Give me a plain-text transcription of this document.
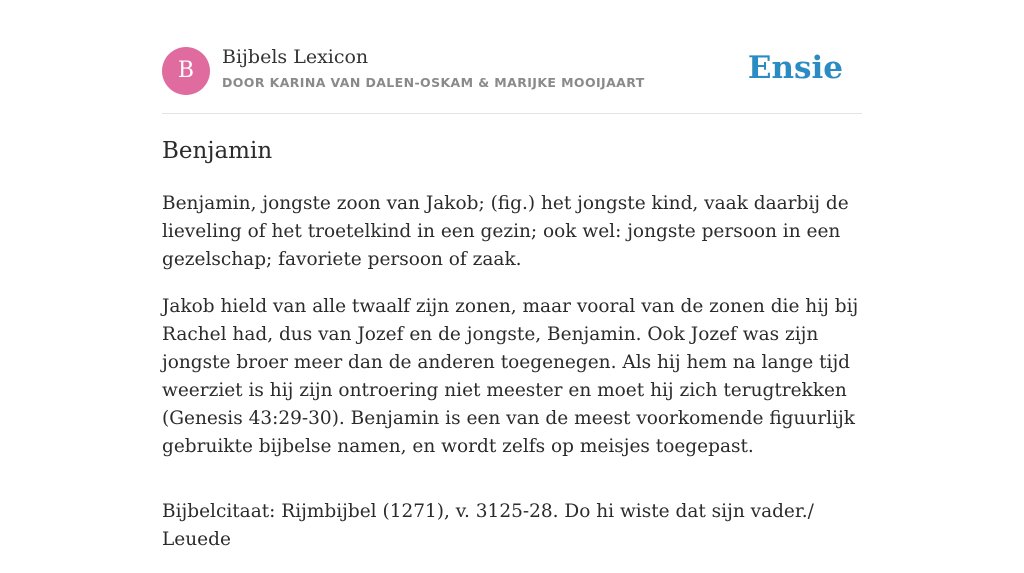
B
Bijbels Lexicon
DOOR KARINA VAN DALEN-OSKAM & MARIJKE MOOIJAART	Ensie
Benjamin

Benjamin, jongste zoon van Jakob; (fig.) het jongste kind, vaak daarbij de lieveling of het troetelkind in een gezin; ook wel: jongste persoon in een gezelschap; favoriete persoon of zaak.

Jakob hield van alle twaalf zijn zonen, maar vooral van de zonen die hij bij Rachel had, dus van Jozef en de jongste, Benjamin. Ook Jozef was zijn jongste broer meer dan de anderen toegenegen. Als hij hem na lange tijd weerziet is hij zijn ontroering niet meester en moet hij zich terugtrekken (Genesis 43:29-30). Benjamin is een van de meest voorkomende figuurlijk gebruikte bijbelse namen, en wordt zelfs op meisjes toegepast.

Bijbelcitaat: Rijmbijbel (1271), v. 3125-28. Do hi wiste dat sijn vader./ Leuede
